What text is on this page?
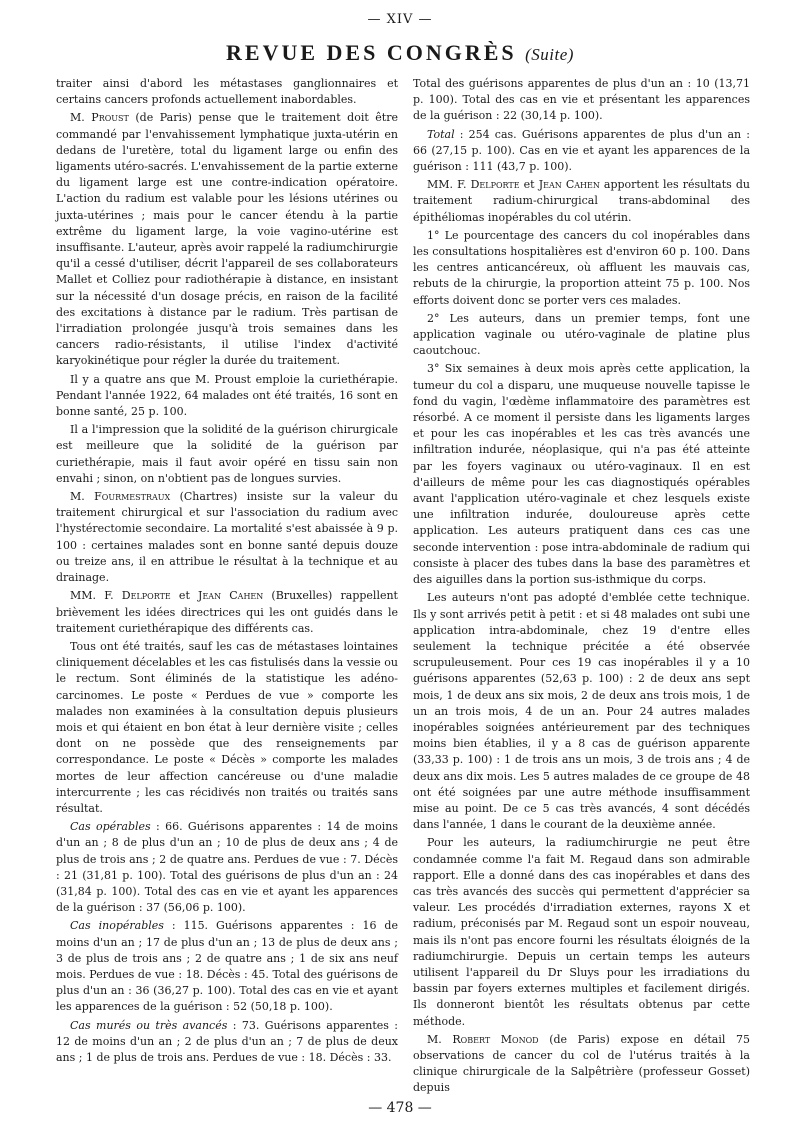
— XIV —
REVUE DES CONGRÈS (Suite)

traiter ainsi d'abord les métastases ganglionnaires et certains cancers profonds actuellement inabordables.

M. Proust (de Paris) pense que le traitement doit être commandé par l'envahissement lymphatique juxta-utérin en dedans de l'uretère, total du ligament large ou enfin des ligaments utéro-sacrés. L'envahissement de la partie externe du ligament large est une contre-indication opératoire. L'action du radium est valable pour les lésions utérines ou juxta-utérines ; mais pour le cancer étendu à la partie extrême du ligament large, la voie vagino-utérine est insuffisante. L'auteur, après avoir rappelé la radiumchirurgie qu'il a cessé d'utiliser, décrit l'appareil de ses collaborateurs Mallet et Colliez pour radiothérapie à distance, en insistant sur la nécessité d'un dosage précis, en raison de la facilité des excitations à distance par le radium. Très partisan de l'irradiation prolongée jusqu'à trois semaines dans les cancers radio-résistants, il utilise l'index d'activité karyokinétique pour régler la durée du traitement.

Il y a quatre ans que M. Proust emploie la curiethérapie. Pendant l'année 1922, 64 malades ont été traités, 16 sont en bonne santé, 25 p. 100.

Il a l'impression que la solidité de la guérison chirurgicale est meilleure que la solidité de la guérison par curiethérapie, mais il faut avoir opéré en tissu sain non envahi ; sinon, on n'obtient pas de longues survies.

M. Fourmestraux (Chartres) insiste sur la valeur du traitement chirurgical et sur l'association du radium avec l'hystérectomie secondaire. La mortalité s'est abaissée à 9 p. 100 : certaines malades sont en bonne santé depuis douze ou treize ans, il en attribue le résultat à la technique et au drainage.

MM. F. Delporte et Jean Cahen (Bruxelles) rappellent brièvement les idées directrices qui les ont guidés dans le traitement curiethérapique des différents cas.

Tous ont été traités, sauf les cas de métastases lointaines cliniquement décelables et les cas fistulisés dans la vessie ou le rectum. Sont éliminés de la statistique les adéno-carcinomes. Le poste « Perdues de vue » comporte les malades non examinées à la consultation depuis plusieurs mois et qui étaient en bon état à leur dernière visite ; celles dont on ne possède que des renseignements par correspondance. Le poste « Décès » comporte les malades mortes de leur affection cancéreuse ou d'une maladie intercurrente ; les cas récidivés non traités ou traités sans résultat.

Cas opérables : 66. Guérisons apparentes : 14 de moins d'un an ; 8 de plus d'un an ; 10 de plus de deux ans ; 4 de plus de trois ans ; 2 de quatre ans. Perdues de vue : 7. Décès : 21 (31,81 p. 100). Total des guérisons de plus d'un an : 24 (31,84 p. 100). Total des cas en vie et ayant les apparences de la guérison : 37 (56,06 p. 100).

Cas inopérables : 115. Guérisons apparentes : 16 de moins d'un an ; 17 de plus d'un an ; 13 de plus de deux ans ; 3 de plus de trois ans ; 2 de quatre ans ; 1 de six ans neuf mois. Perdues de vue : 18. Décès : 45. Total des guérisons de plus d'un an : 36 (36,27 p. 100). Total des cas en vie et ayant les apparences de la guérison : 52 (50,18 p. 100).

Cas murés ou très avancés : 73. Guérisons apparentes : 12 de moins d'un an ; 2 de plus d'un an ; 7 de plus de deux ans ; 1 de plus de trois ans. Perdues de vue : 18. Décès : 33.

Total des guérisons apparentes de plus d'un an : 10 (13,71 p. 100). Total des cas en vie et présentant les apparences de la guérison : 22 (30,14 p. 100).

Total : 254 cas. Guérisons apparentes de plus d'un an : 66 (27,15 p. 100). Cas en vie et ayant les apparences de la guérison : 111 (43,7 p. 100).

MM. F. Delporte et Jean Cahen apportent les résultats du traitement radium-chirurgical trans-abdominal des épithéliomas inopérables du col utérin.

1° Le pourcentage des cancers du col inopérables dans les consultations hospitalières est d'environ 60 p. 100. Dans les centres anticancéreux, où affluent les mauvais cas, rebuts de la chirurgie, la proportion atteint 75 p. 100. Nos efforts doivent donc se porter vers ces malades.

2° Les auteurs, dans un premier temps, font une application vaginale ou utéro-vaginale de platine plus caoutchouc.

3° Six semaines à deux mois après cette application, la tumeur du col a disparu, une muqueuse nouvelle tapisse le fond du vagin, l'œdème inflammatoire des paramètres est résorbé. A ce moment il persiste dans les ligaments larges et pour les cas inopérables et les cas très avancés une infiltration indurée, néoplasique, qui n'a pas été atteinte par les foyers vaginaux ou utéro-vaginaux. Il en est d'ailleurs de même pour les cas diagnostiqués opérables avant l'application utéro-vaginale et chez lesquels existe une infiltration indurée, douloureuse après cette application. Les auteurs pratiquent dans ces cas une seconde intervention : pose intra-abdominale de radium qui consiste à placer des tubes dans la base des paramètres et des aiguilles dans la portion sus-isthmique du corps.

Les auteurs n'ont pas adopté d'emblée cette technique. Ils y sont arrivés petit à petit : et si 48 malades ont subi une application intra-abdominale, chez 19 d'entre elles seulement la technique précitée a été observée scrupuleusement. Pour ces 19 cas inopérables il y a 10 guérisons apparentes (52,63 p. 100) : 2 de deux ans sept mois, 1 de deux ans six mois, 2 de deux ans trois mois, 1 de un an trois mois, 4 de un an. Pour 24 autres malades inopérables soignées antérieurement par des techniques moins bien établies, il y a 8 cas de guérison apparente (33,33 p. 100) : 1 de trois ans un mois, 3 de trois ans ; 4 de deux ans dix mois. Les 5 autres malades de ce groupe de 48 ont été soignées par une autre méthode insuffisamment mise au point. De ce 5 cas très avancés, 4 sont décédés dans l'année, 1 dans le courant de la deuxième année.

Pour les auteurs, la radiumchirurgie ne peut être condamnée comme l'a fait M. Regaud dans son admirable rapport. Elle a donné dans des cas inopérables et dans des cas très avancés des succès qui permettent d'apprécier sa valeur. Les procédés d'irradiation externes, rayons X et radium, préconisés par M. Regaud sont un espoir nouveau, mais ils n'ont pas encore fourni les résultats éloignés de la radiumchirurgie. Depuis un certain temps les auteurs utilisent l'appareil du Dr Sluys pour les irradiations du bassin par foyers externes multiples et facilement dirigés. Ils donneront bientôt les résultats obtenus par cette méthode.

M. Robert Monod (de Paris) expose en détail 75 observations de cancer du col de l'utérus traités à la clinique chirurgicale de la Salpêtrière (professeur Gosset) depuis

— 478 —
